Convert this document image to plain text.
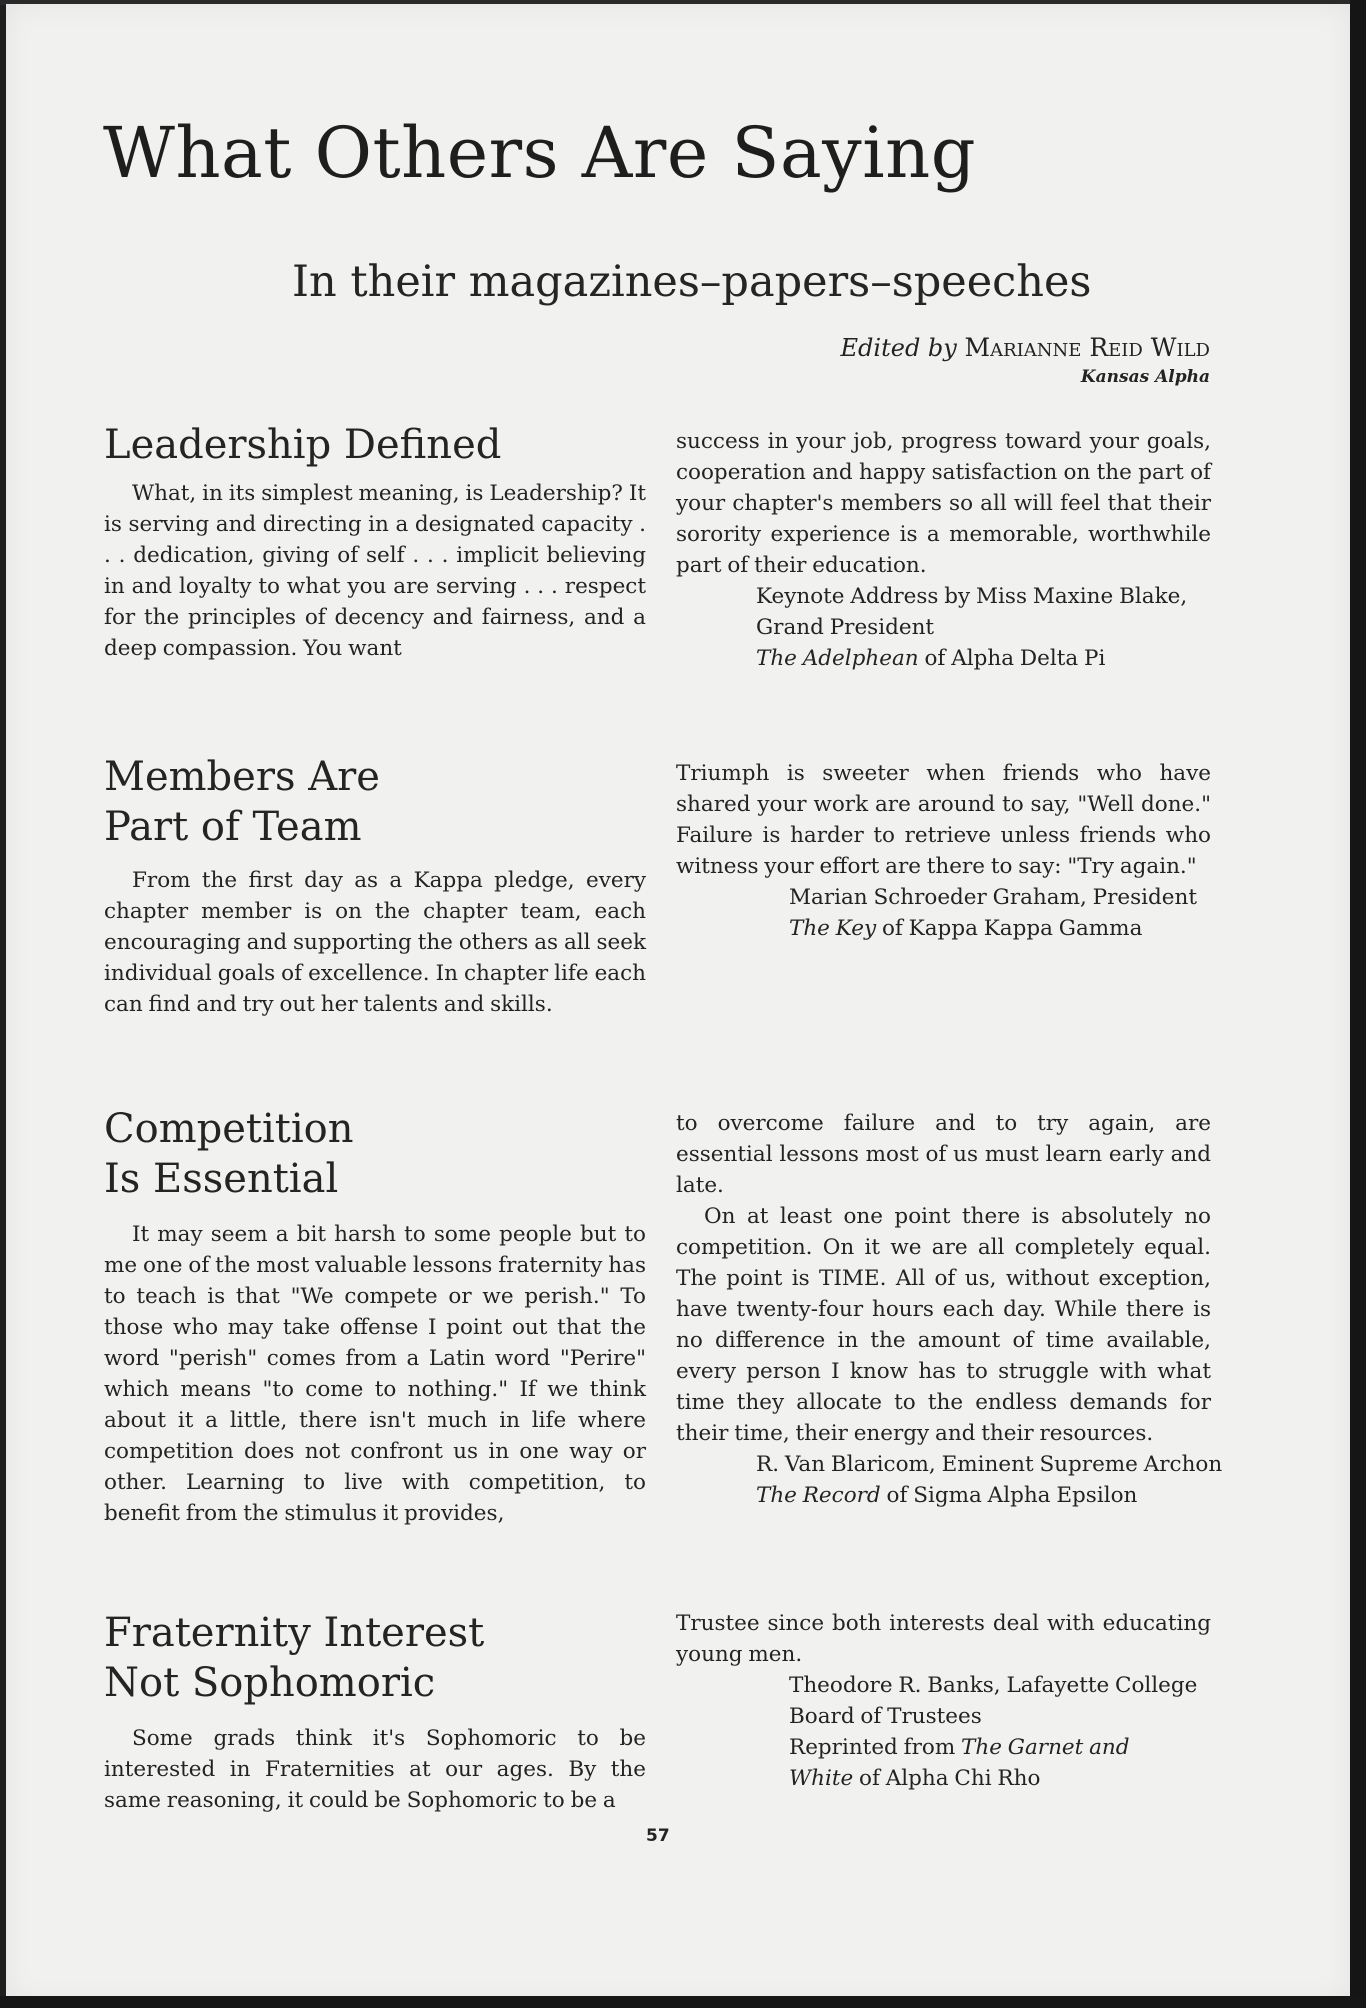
What Others Are Saying
In their magazines–papers–speeches
Edited by Marianne Reid Wild
Kansas Alpha
Leadership Defined

What, in its simplest meaning, is Leadership? It is serving and directing in a designated capacity . . . dedication, giving of self . . . implicit believing in and loyalty to what you are serving . . . respect for the principles of decency and fairness, and a deep compassion. You want

success in your job, progress toward your goals, cooperation and happy satisfaction on the part of your chapter's members so all will feel that their sorority experience is a memorable, worthwhile part of their education.

Keynote Address by Miss Maxine Blake,

Grand President

The Adelphean of Alpha Delta Pi

Members Are
Part of Team

From the first day as a Kappa pledge, every chapter member is on the chapter team, each encouraging and supporting the others as all seek individual goals of excellence. In chapter life each can find and try out her talents and skills.

Triumph is sweeter when friends who have shared your work are around to say, "Well done." Failure is harder to retrieve unless friends who witness your effort are there to say: "Try again."

Marian Schroeder Graham, President

The Key of Kappa Kappa Gamma

Competition
Is Essential

It may seem a bit harsh to some people but to me one of the most valuable lessons fraternity has to teach is that "We compete or we perish." To those who may take offense I point out that the word "perish" comes from a Latin word "Perire" which means "to come to nothing." If we think about it a little, there isn't much in life where competition does not confront us in one way or other. Learning to live with competition, to benefit from the stimulus it provides,

to overcome failure and to try again, are essential lessons most of us must learn early and late.

On at least one point there is absolutely no competition. On it we are all completely equal. The point is TIME. All of us, without exception, have twenty-four hours each day. While there is no difference in the amount of time available, every person I know has to struggle with what time they allocate to the endless demands for their time, their energy and their resources.

R. Van Blaricom, Eminent Supreme Archon

The Record of Sigma Alpha Epsilon

Fraternity Interest
Not Sophomoric

Some grads think it's Sophomoric to be interested in Fraternities at our ages. By the same reasoning, it could be Sophomoric to be a

Trustee since both interests deal with educating young men.

Theodore R. Banks, Lafayette College

Board of Trustees

Reprinted from The Garnet and

White of Alpha Chi Rho

57
